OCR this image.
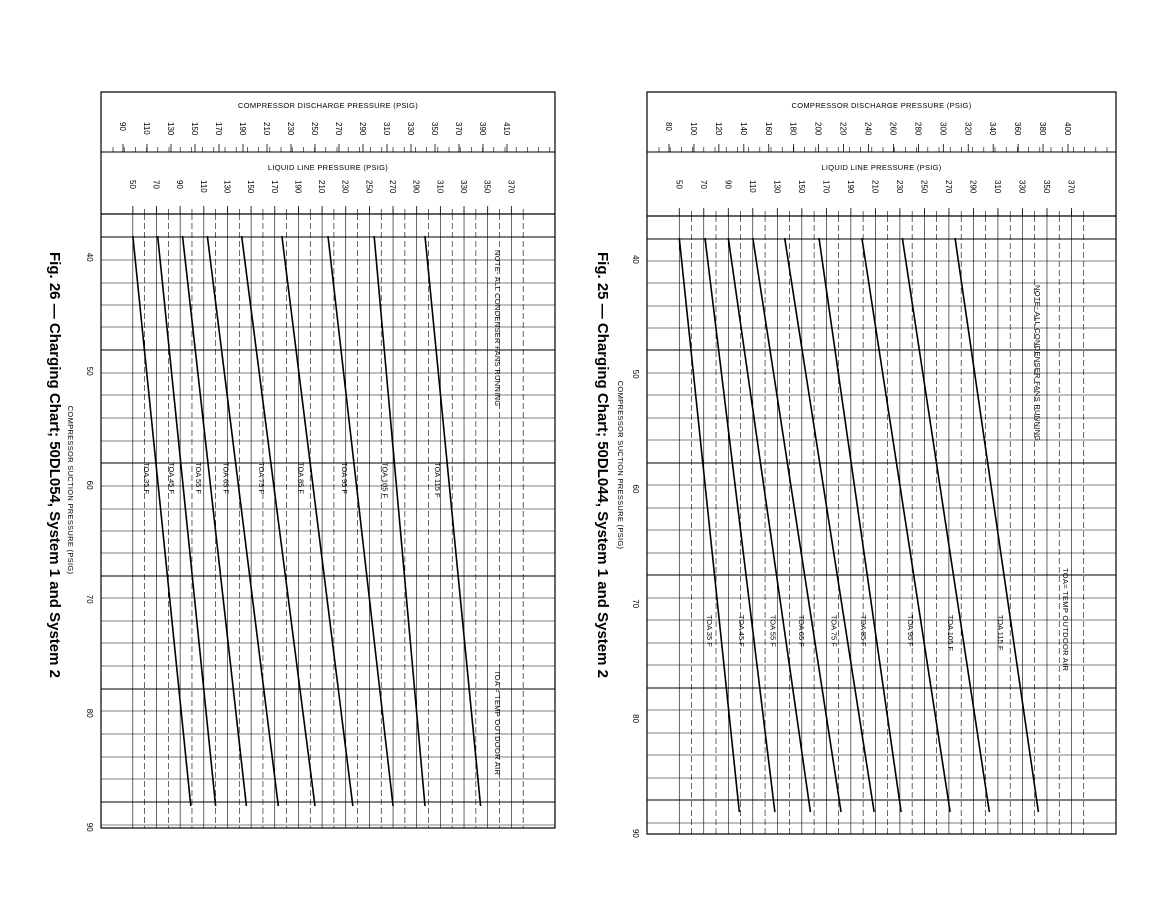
COMPRESSOR DISCHARGE PRESSURE (PSIG)
LIQUID LINE PRESSURE (PSIG)
90 110 130 150 170 190 210 230 250 270 290 310 330 350 370 390 410
50 70 90 110 130 150 170 190 210 230 250 270 290 310 330 350 370
40
50
60
70
80
90
COMPRESSOR SUCTION PRESSURE (PSIG)
Fig. 26 — Charging Chart; 50DL054, System 1 and System 2	NOTE- ALL CONDENSER FANS RUNNING
TOA = TEMP OUTDOOR AIR
TOA 35 F TOA 45 F TOA 55 F TOA 65 F	TOA 75 F	TOA 85 F	TOA 95 F	TOA 105 F	TOA 115 F
COMPRESSOR DISCHARGE PRESSURE (PSIG)
LIQUID LINE PRESSURE (PSIG)
80 100 120 140 160 180 200 220 240 260 280 300 320 340 360 380 400
50 70 90 110 130 150 170 190 210 230 250 270 290 310 330 350 370
40
50
60
70
80
90
COMPRESSOR SUCTION PRESSURE (PSIG)
Fig. 25 — Charging Chart; 50DL044, System 1 and System 2	NOTE- ALL CONDENSER FANS RUNNING
TOA= TEMP OUTDOOR AIR
TOA 35 F	TOA 45 F	TOA 55 F	TOA 65 F	TOA 75 F	TOA 85 F	TOA 95 F	TOA 105 F	TOA 115 F
